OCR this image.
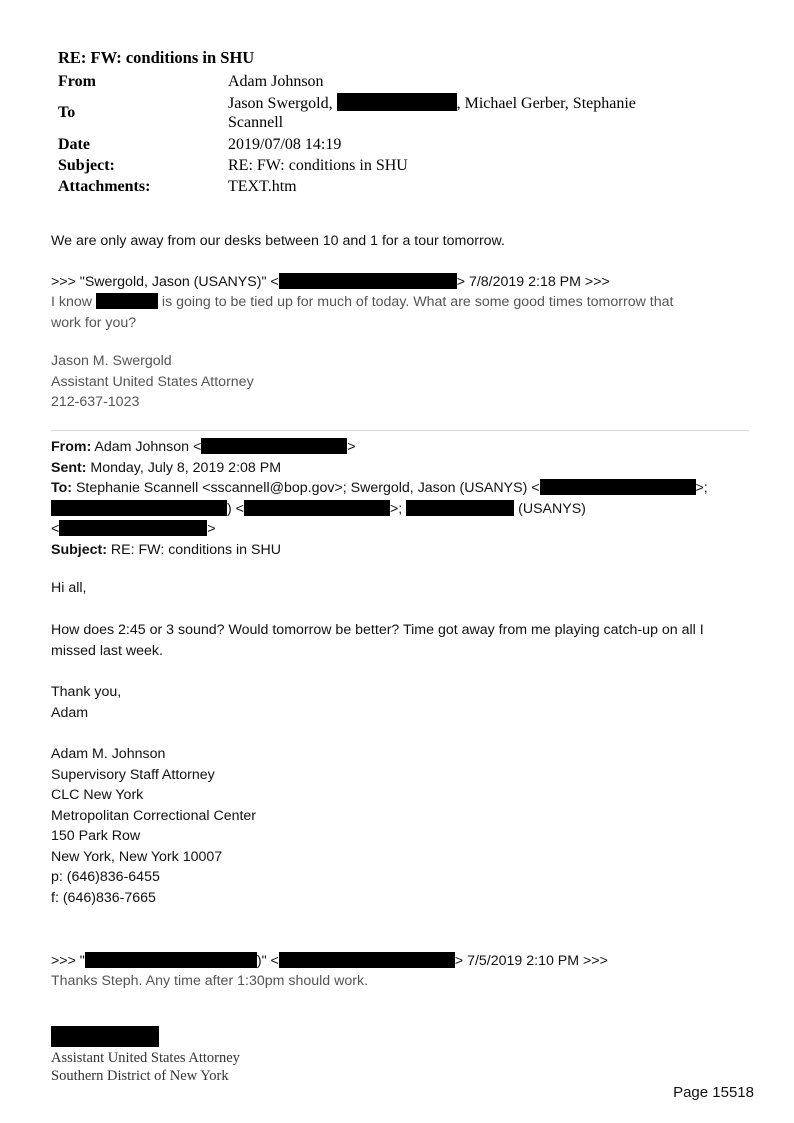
RE: FW: conditions in SHU
From	Adam Johnson
To	Jason Swergold, , Michael Gerber, Stephanie
Scannell
Date	2019/07/08 14:19
Subject:	RE: FW: conditions in SHU
Attachments:	TEXT.htm
We are only away from our desks between 10 and 1 for a tour tomorrow.
>>> "Swergold, Jason (USANYS)" <	> 7/8/2019 2:18 PM >>>
I know	is going to be tied up for much of today. What are some good times tomorrow that
work for you?
Jason M. Swergold
Assistant United States Attorney
212-637-1023
From: Adam Johnson <	>
Sent: Monday, July 8, 2019 2:08 PM
To: Stephanie Scannell <sscannell@bop.gov>; Swergold, Jason (USANYS) <	>;
) <	>;	(USANYS)
<	>
Subject: RE: FW: conditions in SHU
Hi all,
How does 2:45 or 3 sound? Would tomorrow be better? Time got away from me playing catch-up on all I
missed last week.
Thank you,
Adam
Adam M. Johnson
Supervisory Staff Attorney
CLC New York
Metropolitan Correctional Center
150 Park Row
New York, New York 10007
p: (646)836-6455
f: (646)836-7665
>>> "	)" <	> 7/5/2019 2:10 PM >>>
Thanks Steph. Any time after 1:30pm should work.
Assistant United States Attorney
Southern District of New York
Page 15518
